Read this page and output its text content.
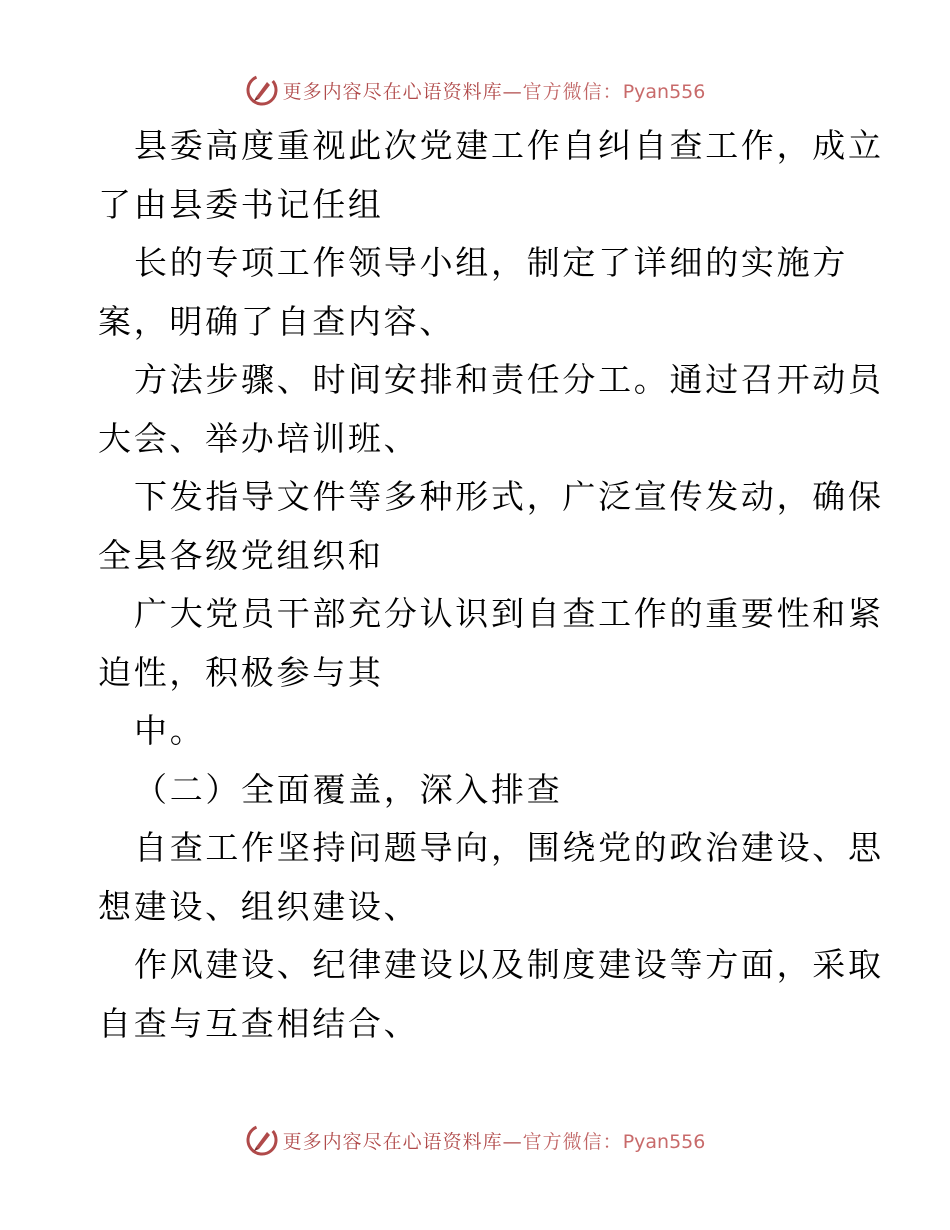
更多内容尽在心语资料库—官方微信：Pyan556
县委高度重视此次党建工作自纠自查工作，成立
了由县委书记任组
长的专项工作领导小组，制定了详细的实施方
案，明确了自查内容、
方法步骤、时间安排和责任分工。通过召开动员
大会、举办培训班、
下发指导文件等多种形式，广泛宣传发动，确保
全县各级党组织和
广大党员干部充分认识到自查工作的重要性和紧
迫性，积极参与其
中。
（二）全面覆盖，深入排查
自查工作坚持问题导向，围绕党的政治建设、思
想建设、组织建设、
作风建设、纪律建设以及制度建设等方面，采取
自查与互查相结合、
更多内容尽在心语资料库—官方微信：Pyan556
